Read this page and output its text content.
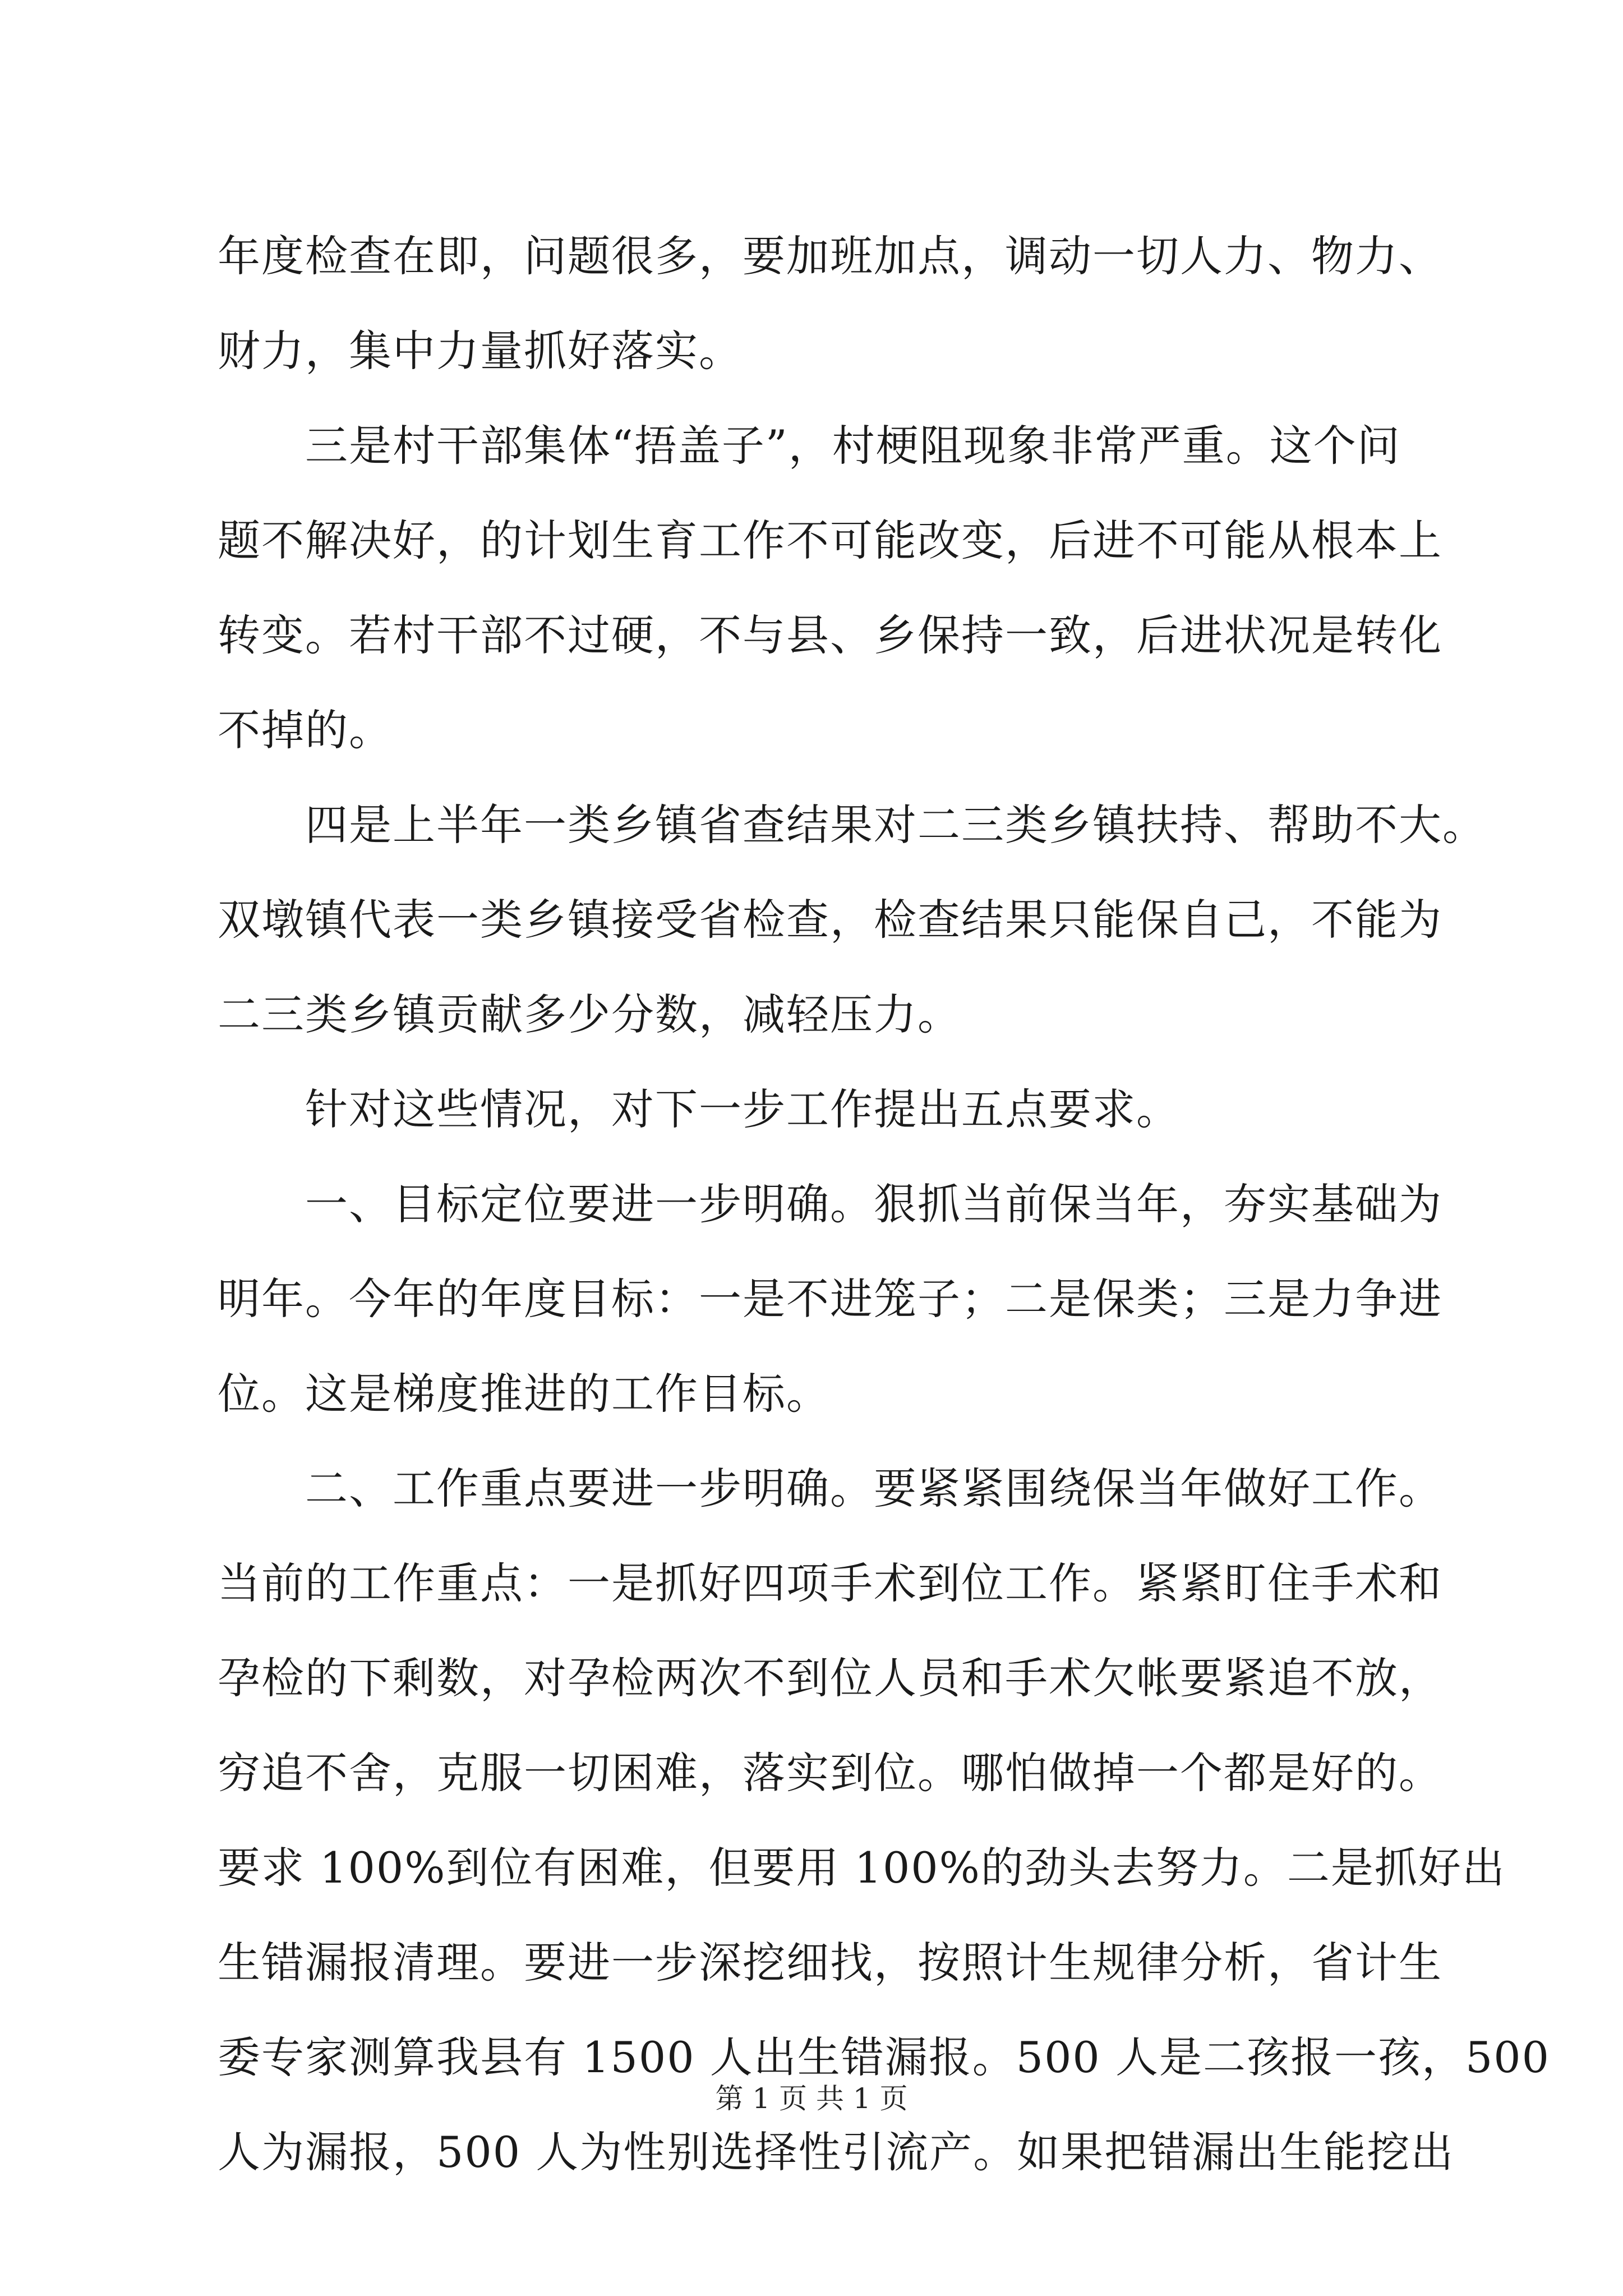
年度检查在即，问题很多，要加班加点，调动一切人力、物力、
财力，集中力量抓好落实。
　　三是村干部集体“捂盖子”，村梗阻现象非常严重。这个问
题不解决好，的计划生育工作不可能改变，后进不可能从根本上
转变。若村干部不过硬，不与县、乡保持一致，后进状况是转化
不掉的。
　　四是上半年一类乡镇省查结果对二三类乡镇扶持、帮助不大。
双墩镇代表一类乡镇接受省检查，检查结果只能保自己，不能为
二三类乡镇贡献多少分数，减轻压力。
　　针对这些情况，对下一步工作提出五点要求。
　　一、目标定位要进一步明确。狠抓当前保当年，夯实基础为
明年。今年的年度目标：一是不进笼子；二是保类；三是力争进
位。这是梯度推进的工作目标。
　　二、工作重点要进一步明确。要紧紧围绕保当年做好工作。
当前的工作重点：一是抓好四项手术到位工作。紧紧盯住手术和
孕检的下剩数，对孕检两次不到位人员和手术欠帐要紧追不放，
穷追不舍，克服一切困难，落实到位。哪怕做掉一个都是好的。
要求 100%到位有困难，但要用 100%的劲头去努力。二是抓好出
生错漏报清理。要进一步深挖细找，按照计生规律分析，省计生
委专家测算我县有 1500 人出生错漏报。500 人是二孩报一孩，500
人为漏报，500 人为性别选择性引流产。如果把错漏出生能挖出
第 1 页 共 1 页
